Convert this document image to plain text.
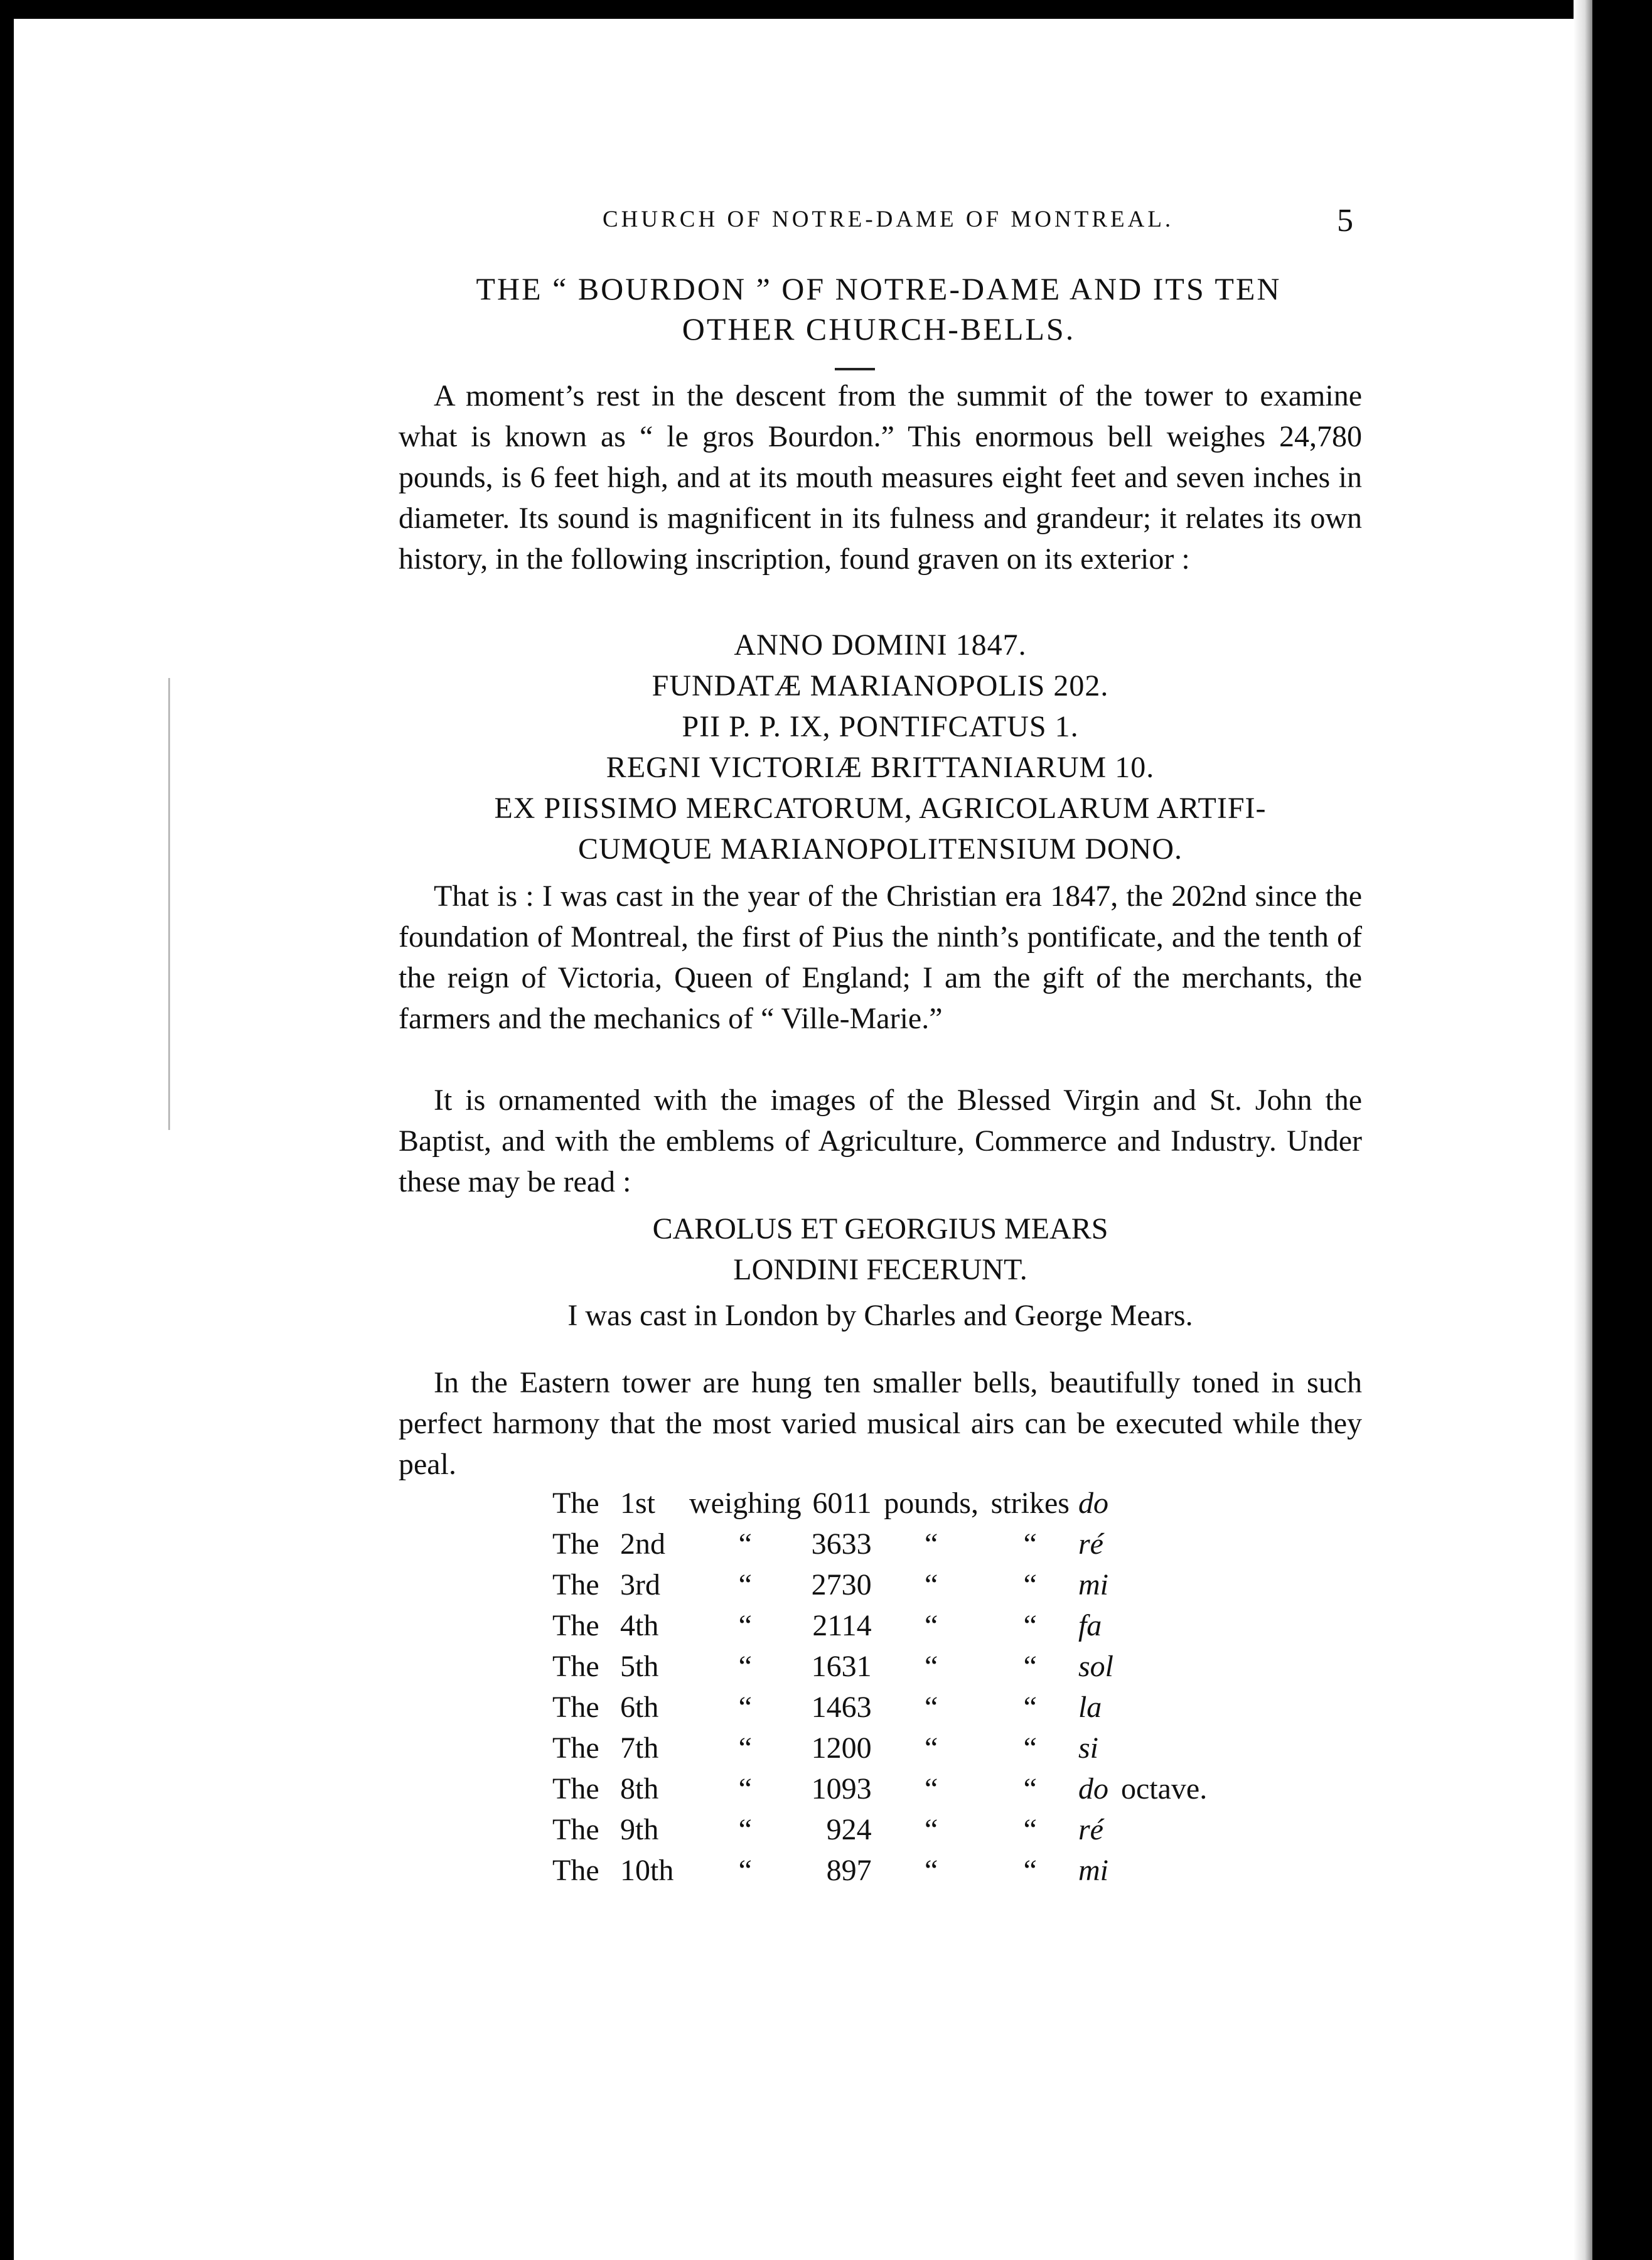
CHURCH OF NOTRE-DAME OF MONTREAL.	5
THE “ BOURDON ” OF NOTRE-DAME AND ITS TEN
OTHER CHURCH-BELLS.

A moment’s rest in the descent from the summit of the tower to examine what is known as “ le gros Bourdon.” This enormous bell weighes 24,780 pounds, is 6 feet high, and at its mouth measures eight feet and seven inches in diameter. Its sound is magnificent in its fulness and grandeur; it relates its own history, in the following inscription, found graven on its exterior :

ANNO DOMINI 1847.
FUNDATÆ MARIANOPOLIS 202.
PII P. P. IX, PONTIFCATUS 1.
REGNI VICTORIÆ BRITTANIARUM 10.
EX PIISSIMO MERCATORUM, AGRICOLARUM ARTIFI-
CUMQUE MARIANOPOLITENSIUM DONO.

That is : I was cast in the year of the Christian era 1847, the 202nd since the foundation of Montreal, the first of Pius the ninth’s pontificate, and the tenth of the reign of Victoria, Queen of England; I am the gift of the merchants, the farmers and the mechanics of “ Ville-Marie.”

It is ornamented with the images of the Blessed Virgin and St. John the Baptist, and with the emblems of Agriculture, Commerce and Industry. Under these may be read :

CAROLUS ET GEORGIUS MEARS
LONDINI FECERUNT.
I was cast in London by Charles and George Mears.

In the Eastern tower are hung ten smaller bells, beautifully toned in such perfect harmony that the most varied musical airs can be executed while they peal.

The	1st	weighing	6011	pounds,	strikes	do	
The	2nd	“	3633	“	“	ré	
The	3rd	“	2730	“	“	mi	
The	4th	“	2114	“	“	fa	
The	5th	“	1631	“	“	sol	
The	6th	“	1463	“	“	la	
The	7th	“	1200	“	“	si	
The	8th	“	1093	“	“	do	octave.
The	9th	“	924	“	“	ré	
The	10th	“	897	“	“	mi	
